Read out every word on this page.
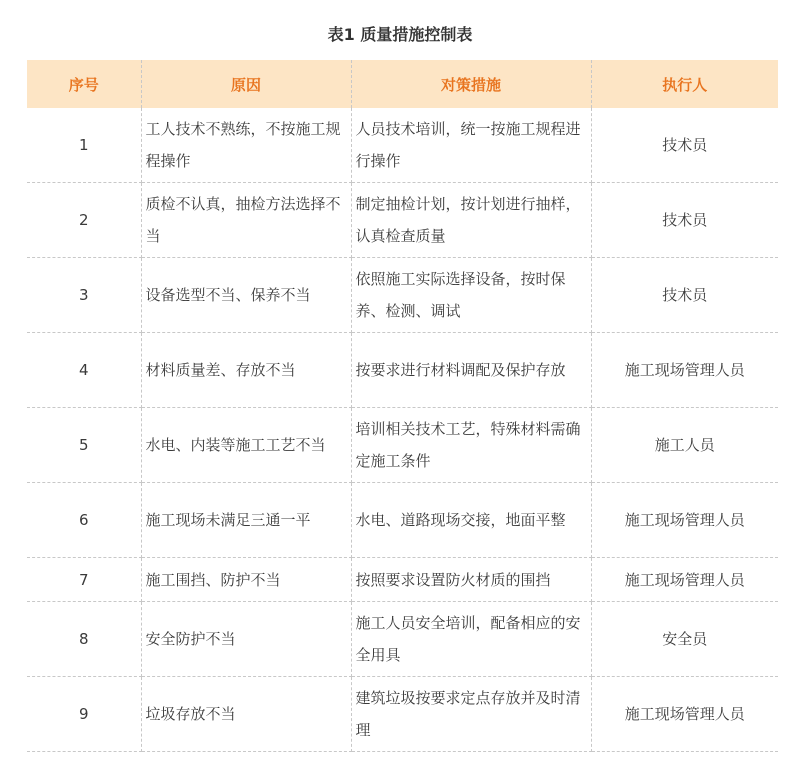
表1 质量措施控制表
序号	原因	对策措施	执行人
1	工人技术不熟练，不按施工规程操作	人员技术培训，统一按施工规程进行操作	技术员
2	质检不认真，抽检方法选择不当	制定抽检计划，按计划进行抽样，认真检查质量	技术员
3	设备选型不当、保养不当	依照施工实际选择设备，按时保养、检测、调试	技术员
4	材料质量差、存放不当	按要求进行材料调配及保护存放	施工现场管理人员
5	水电、内装等施工工艺不当	培训相关技术工艺，特殊材料需确定施工条件	施工人员
6	施工现场未满足三通一平	水电、道路现场交接，地面平整	施工现场管理人员
7	施工围挡、防护不当	按照要求设置防火材质的围挡	施工现场管理人员
8	安全防护不当	施工人员安全培训，配备相应的安全用具	安全员
9	垃圾存放不当	建筑垃圾按要求定点存放并及时清理	施工现场管理人员
